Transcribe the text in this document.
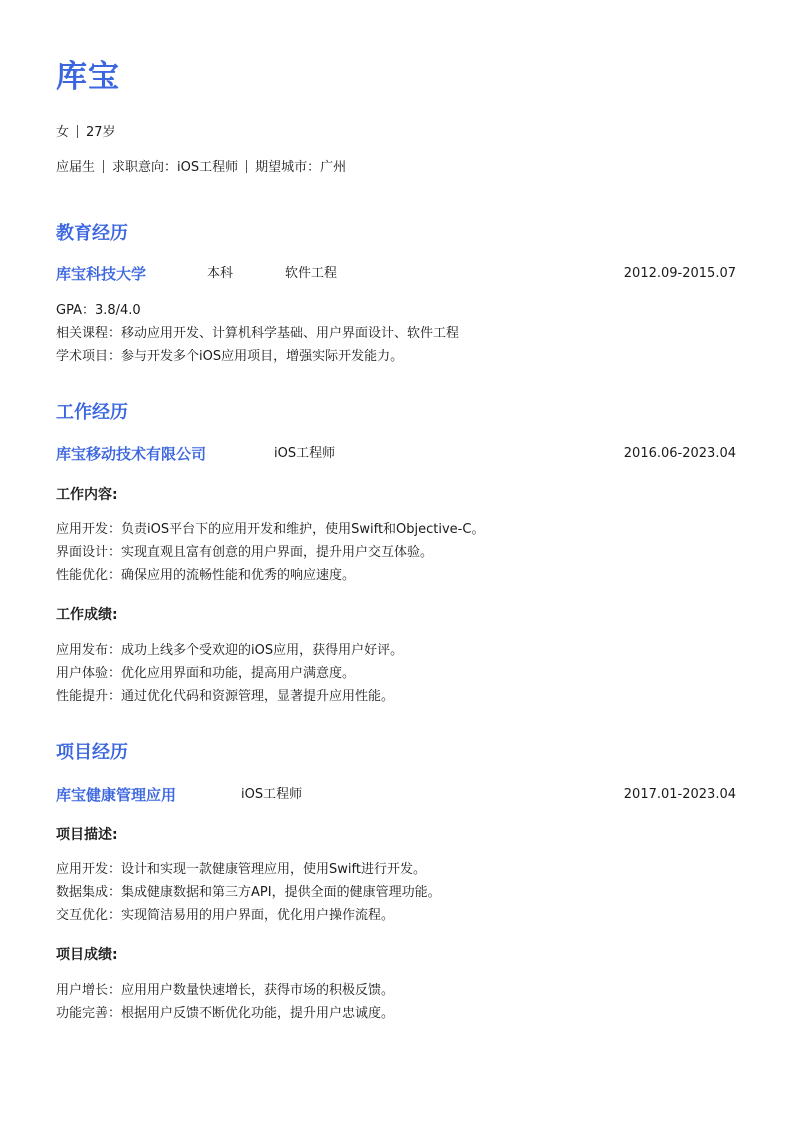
库宝
女 27岁
应届生 求职意向：iOS工程师 期望城市：广州
教育经历
库宝科技大学	本科	软件工程	2012.09-2015.07
GPA：3.8/4.0
相关课程：移动应用开发、计算机科学基础、用户界面设计、软件工程
学术项目：参与开发多个iOS应用项目，增强实际开发能力。
工作经历
库宝移动技术有限公司	iOS工程师	2016.06-2023.04
工作内容:
应用开发：负责iOS平台下的应用开发和维护，使用Swift和Objective-C。
界面设计：实现直观且富有创意的用户界面，提升用户交互体验。
性能优化：确保应用的流畅性能和优秀的响应速度。
工作成绩:
应用发布：成功上线多个受欢迎的iOS应用，获得用户好评。
用户体验：优化应用界面和功能，提高用户满意度。
性能提升：通过优化代码和资源管理，显著提升应用性能。
项目经历
库宝健康管理应用	iOS工程师	2017.01-2023.04
项目描述:
应用开发：设计和实现一款健康管理应用，使用Swift进行开发。
数据集成：集成健康数据和第三方API，提供全面的健康管理功能。
交互优化：实现简洁易用的用户界面，优化用户操作流程。
项目成绩:
用户增长：应用用户数量快速增长，获得市场的积极反馈。
功能完善：根据用户反馈不断优化功能，提升用户忠诚度。
